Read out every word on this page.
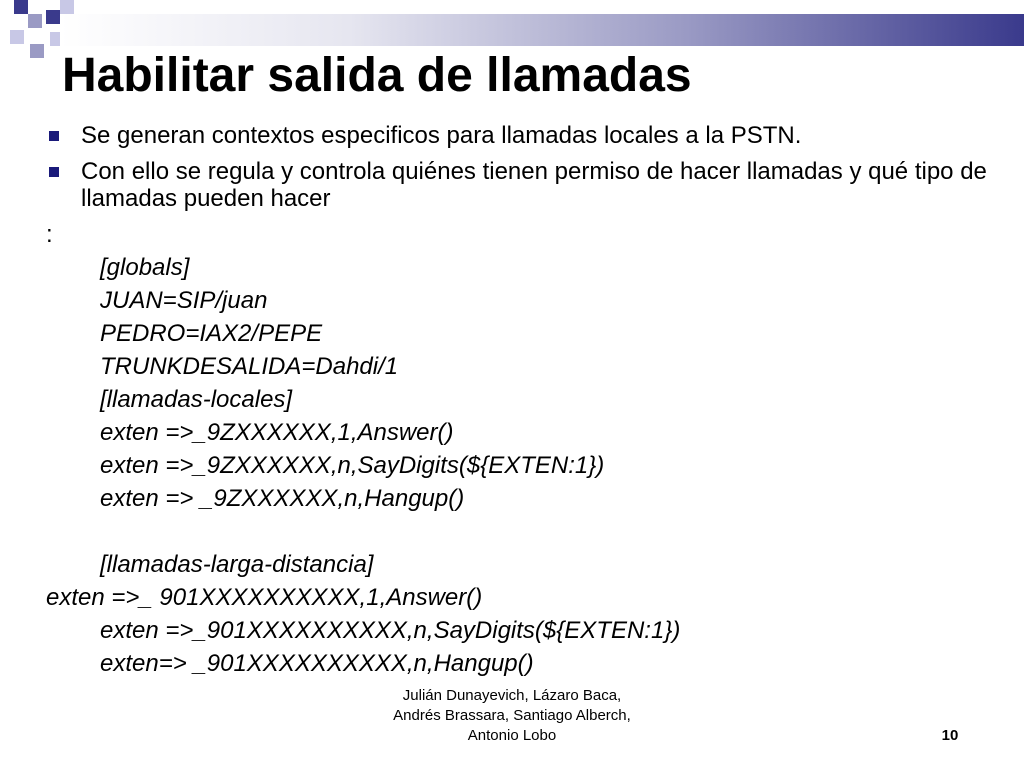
Habilitar salida de llamadas
Se generan contextos especificos para llamadas locales a la PSTN.
Con ello se regula y controla quiénes tienen permiso de hacer llamadas y qué tipo de llamadas pueden hacer
:
[globals]
JUAN=SIP/juan
PEDRO=IAX2/PEPE
TRUNKDESALIDA=Dahdi/1
[llamadas-locales]
exten =>_9ZXXXXXX,1,Answer()
exten =>_9ZXXXXXX,n,SayDigits(${EXTEN:1})
exten => _9ZXXXXXX,n,Hangup()
[llamadas-larga-distancia]
exten =>_ 901XXXXXXXXXX,1,Answer()
exten =>_901XXXXXXXXXX,n,SayDigits(${EXTEN:1})
exten=> _901XXXXXXXXXX,n,Hangup()
Julián Dunayevich, Lázaro Baca,
Andrés Brassara, Santiago Alberch,
Antonio Lobo	10
